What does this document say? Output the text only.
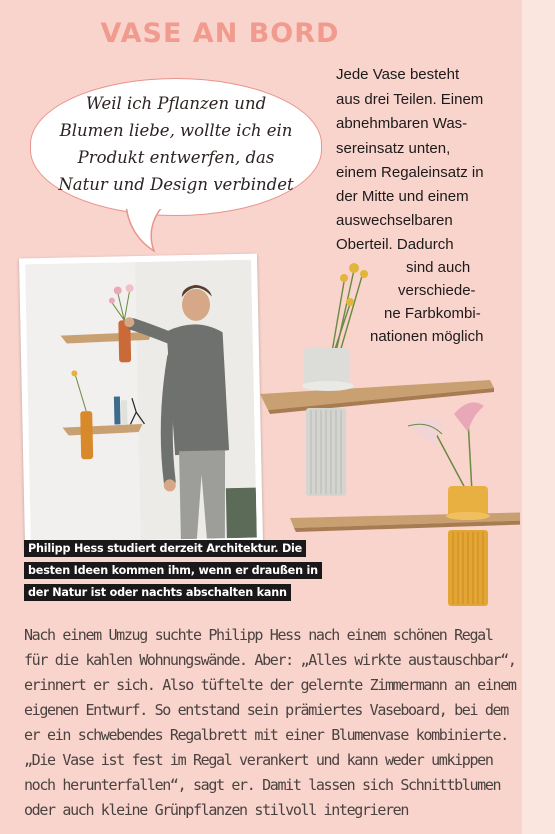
VASE AN BORD
Weil ich Pflanzen und
Blumen liebe, wollte ich ein
Produkt entwerfen, das
Natur und Design verbindet
Jede Vase besteht
aus drei Teilen. Einem
abnehmbaren Was-
sereinsatz unten,
einem Regaleinsatz in
der Mitte und einem
auswechselbaren
Oberteil. Dadurch
sind auch
verschiede-
ne Farbkombi-
nationen möglich
Philipp Hess studiert derzeit Architektur. Die
besten Ideen kommen ihm, wenn er draußen in
der Natur ist oder nachts abschalten kann
Nach einem Umzug suchte Philipp Hess nach einem schönen Regal
für die kahlen Wohnungswände. Aber: „Alles wirkte austauschbar“,
erinnert er sich. Also tüftelte der gelernte Zimmermann an einem
eigenen Entwurf. So entstand sein prämiertes Vaseboard, bei dem
er ein schwebendes Regalbrett mit einer Blumenvase kombinierte.
„Die Vase ist fest im Regal verankert und kann weder umkippen
noch herunterfallen“, sagt er. Damit lassen sich Schnittblumen
oder auch kleine Grünpflanzen stilvoll integrieren
